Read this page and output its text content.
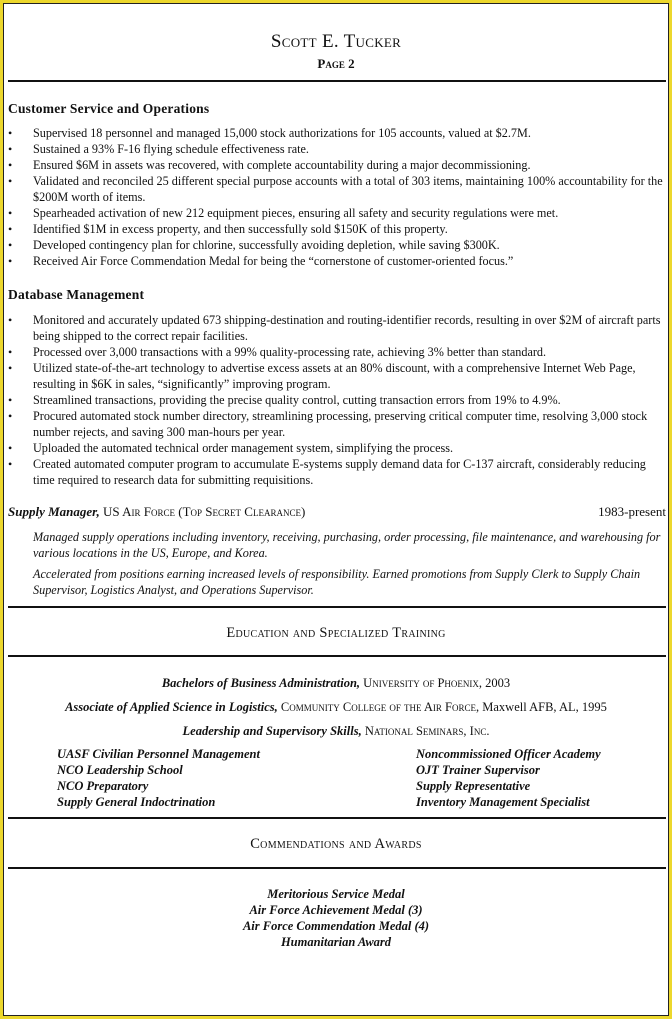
Scott E. Tucker
Page 2
Customer Service and Operations
• Supervised 18 personnel and managed 15,000 stock authorizations for 105 accounts, valued at $2.7M.
• Sustained a 93% F-16 flying schedule effectiveness rate.
• Ensured $6M in assets was recovered, with complete accountability during a major decommissioning.
• Validated and reconciled 25 different special purpose accounts with a total of 303 items, maintaining 100% accountability for the $200M worth of items.
• Spearheaded activation of new 212 equipment pieces, ensuring all safety and security regulations were met.
• Identified $1M in excess property, and then successfully sold $150K of this property.
• Developed contingency plan for chlorine, successfully avoiding depletion, while saving $300K.
• Received Air Force Commendation Medal for being the “cornerstone of customer-oriented focus.”
Database Management
• Monitored and accurately updated 673 shipping-destination and routing-identifier records, resulting in over $2M of aircraft parts being shipped to the correct repair facilities.
• Processed over 3,000 transactions with a 99% quality-processing rate, achieving 3% better than standard.
• Utilized state-of-the-art technology to advertise excess assets at an 80% discount, with a comprehensive Internet Web Page, resulting in $6K in sales, “significantly” improving program.
• Streamlined transactions, providing the precise quality control, cutting transaction errors from 19% to 4.9%.
• Procured automated stock number directory, streamlining processing, preserving critical computer time, resolving 3,000 stock number rejects, and saving 300 man-hours per year.
• Uploaded the automated technical order management system, simplifying the process.
• Created automated computer program to accumulate E-systems supply demand data for C-137 aircraft, considerably reducing time required to research data for submitting requisitions.
Supply Manager, US Air Force (Top Secret Clearance)	1983-present
Managed supply operations including inventory, receiving, purchasing, order processing, file maintenance, and warehousing for various locations in the US, Europe, and Korea.
Accelerated from positions earning increased levels of responsibility. Earned promotions from Supply Clerk to Supply Chain Supervisor, Logistics Analyst, and Operations Supervisor.
Education and Specialized Training
Bachelors of Business Administration, University of Phoenix, 2003
Associate of Applied Science in Logistics, Community College of the Air Force, Maxwell AFB, AL, 1995
Leadership and Supervisory Skills, National Seminars, Inc.
UASF Civilian Personnel Management
NCO Leadership School
NCO Preparatory
Supply General Indoctrination
Noncommissioned Officer Academy
OJT Trainer Supervisor
Supply Representative
Inventory Management Specialist
Commendations and Awards
Meritorious Service Medal
Air Force Achievement Medal (3)
Air Force Commendation Medal (4)
Humanitarian Award
